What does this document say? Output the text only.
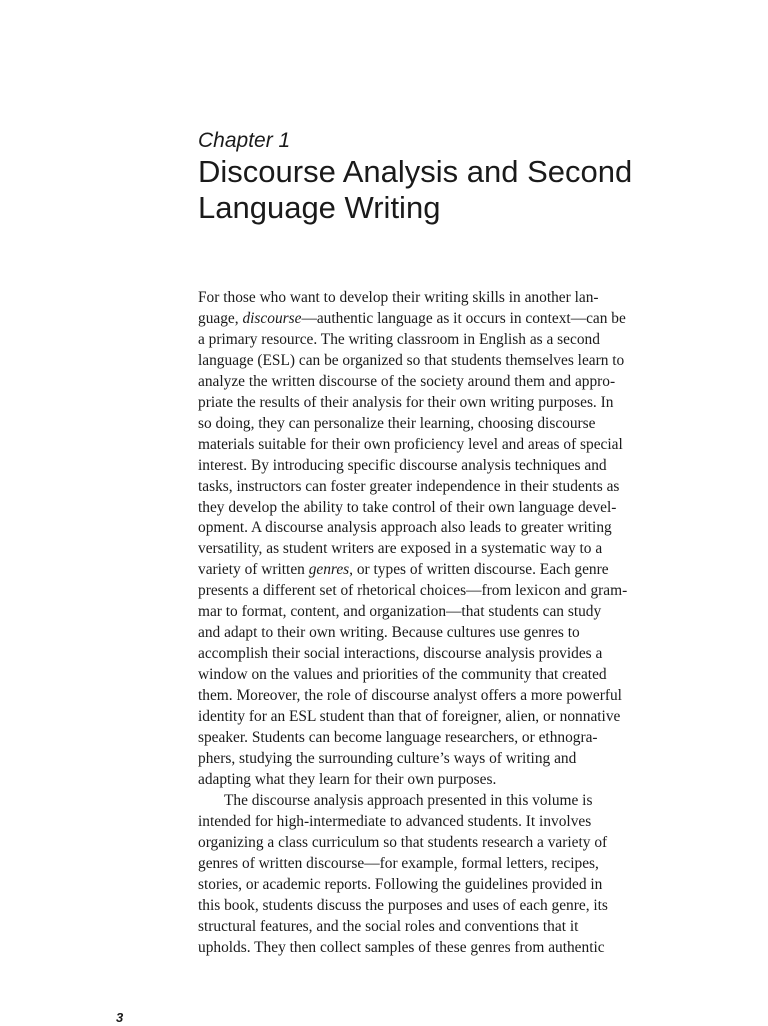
Chapter 1
Discourse Analysis and Second
Language Writing
For those who want to develop their writing skills in another lan-
guage, discourse—authentic language as it occurs in context—can be
a primary resource. The writing classroom in English as a second
language (ESL) can be organized so that students themselves learn to
analyze the written discourse of the society around them and appro-
priate the results of their analysis for their own writing purposes. In
so doing, they can personalize their learning, choosing discourse
materials suitable for their own proficiency level and areas of special
interest. By introducing specific discourse analysis techniques and
tasks, instructors can foster greater independence in their students as
they develop the ability to take control of their own language devel-
opment. A discourse analysis approach also leads to greater writing
versatility, as student writers are exposed in a systematic way to a
variety of written genres, or types of written discourse. Each genre
presents a different set of rhetorical choices—from lexicon and gram-
mar to format, content, and organization—that students can study
and adapt to their own writing. Because cultures use genres to
accomplish their social interactions, discourse analysis provides a
window on the values and priorities of the community that created
them. Moreover, the role of discourse analyst offers a more powerful
identity for an ESL student than that of foreigner, alien, or nonnative
speaker. Students can become language researchers, or ethnogra-
phers, studying the surrounding culture’s ways of writing and
adapting what they learn for their own purposes.
The discourse analysis approach presented in this volume is
intended for high-intermediate to advanced students. It involves
organizing a class curriculum so that students research a variety of
genres of written discourse—for example, formal letters, recipes,
stories, or academic reports. Following the guidelines provided in
this book, students discuss the purposes and uses of each genre, its
structural features, and the social roles and conventions that it
upholds. They then collect samples of these genres from authentic
3
